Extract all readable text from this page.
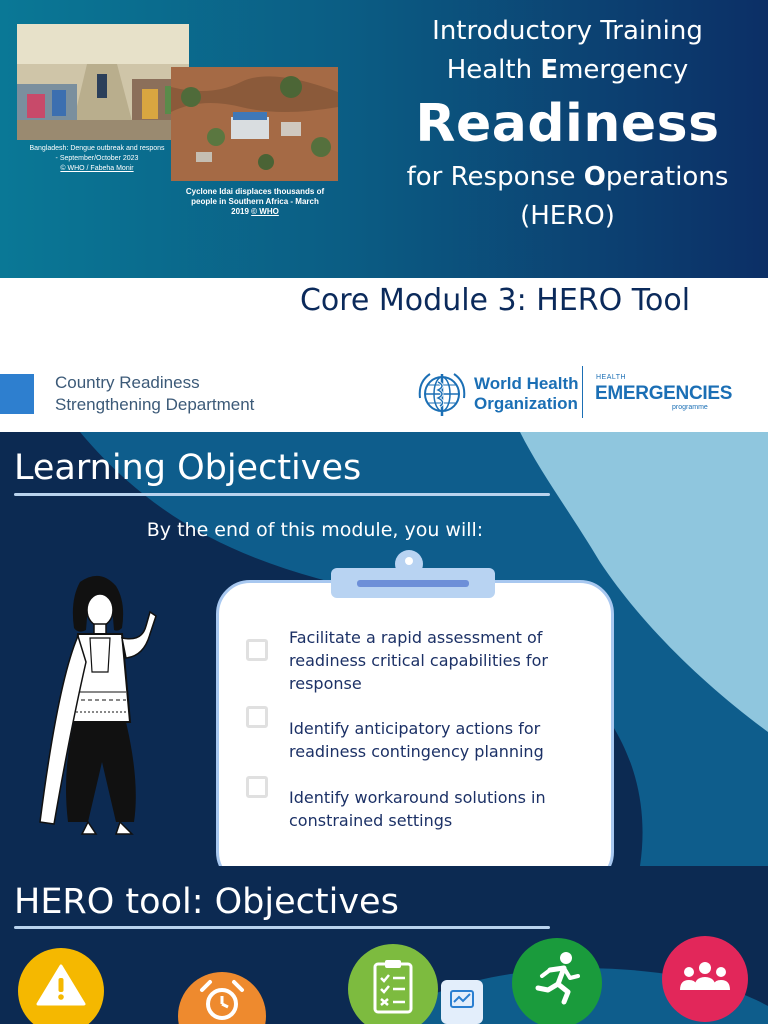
Bangladesh: Dengue outbreak and respons
- September/October 2023
© WHO / Fabeha Monir
Cyclone Idai displaces thousands of
people in Southern Africa - March
2019 © WHO
Introductory Training
Health Emergency
Readiness
for Response Operations
(HERO)
Core Module 3: HERO Tool
Country Readiness
Strengthening Department
World Health
Organization
HEALTH
EMERGENCIES
programme
Learning Objectives
By the end of this module, you will:
Facilitate a rapid assessment of
readiness critical capabilities for
response
Identify anticipatory actions for
readiness contingency planning
Identify workaround solutions in
constrained settings
HERO tool: Objectives
